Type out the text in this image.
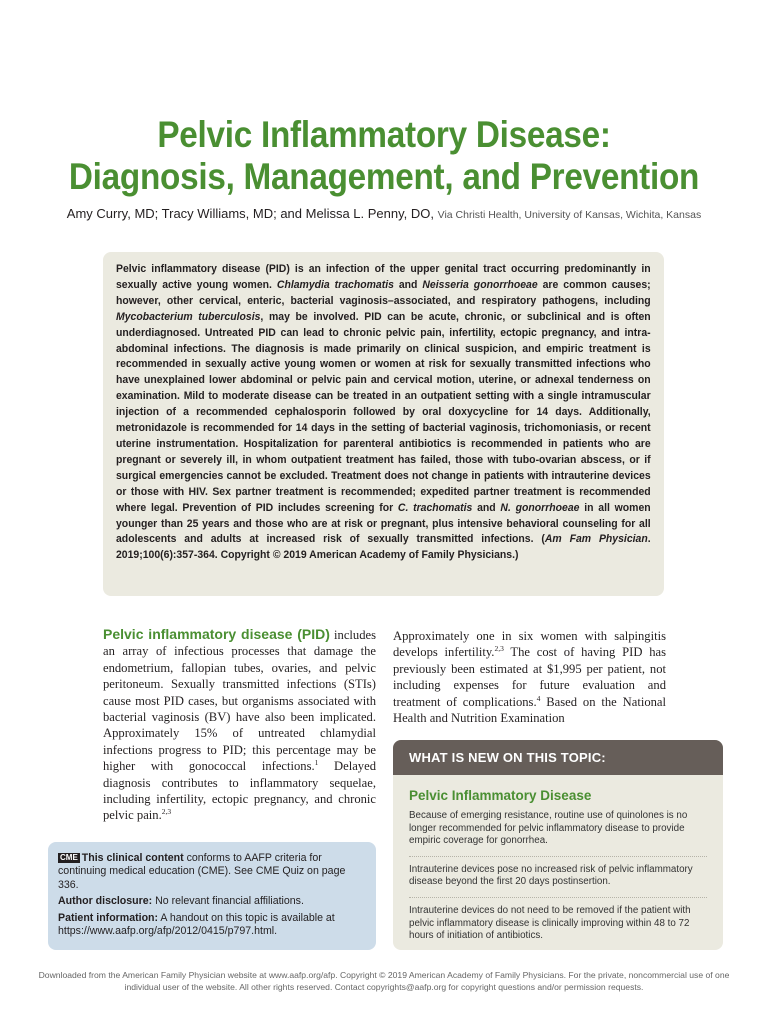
Pelvic Inflammatory Disease:
Diagnosis, Management, and Prevention
Amy Curry, MD; Tracy Williams, MD; and Melissa L. Penny, DO, Via Christi Health, University of Kansas, Wichita, Kansas

Pelvic inflammatory disease (PID) is an infection of the upper genital tract occurring predominantly in sexually active young women. Chlamydia trachomatis and Neisseria gonorrhoeae are common causes; however, other cervical, enteric, bacterial vaginosis–associated, and respiratory pathogens, including Mycobacterium tuberculosis, may be involved. PID can be acute, chronic, or subclinical and is often underdiagnosed. Untreated PID can lead to chronic pelvic pain, infertility, ectopic pregnancy, and intra-abdominal infections. The diagnosis is made primarily on clinical suspicion, and empiric treatment is recommended in sexually active young women or women at risk for sexually transmitted infections who have unexplained lower abdominal or pelvic pain and cervical motion, uterine, or adnexal tenderness on examination. Mild to moderate disease can be treated in an outpatient setting with a single intramuscular injection of a recommended cephalosporin followed by oral doxycycline for 14 days. Additionally, metronidazole is recommended for 14 days in the setting of bacterial vaginosis, trichomoniasis, or recent uterine instrumentation. Hospitalization for parenteral antibiotics is recommended in patients who are pregnant or severely ill, in whom outpatient treatment has failed, those with tubo-ovarian abscess, or if surgical emergencies cannot be excluded. Treatment does not change in patients with intrauterine devices or those with HIV. Sex partner treatment is recommended; expedited partner treatment is recommended where legal. Prevention of PID includes screening for C. trachomatis and N. gonorrhoeae in all women younger than 25 years and those who are at risk or pregnant, plus intensive behavioral counseling for all adolescents and adults at increased risk of sexually transmitted infections. (Am Fam Physician. 2019;100(6):357-364. Copyright © 2019 American Academy of Family Physicians.)

Pelvic inflammatory disease (PID) includes an array of infectious processes that damage the endometrium, fallopian tubes, ovaries, and pelvic peritoneum. Sexually transmitted infections (STIs) cause most PID cases, but organisms associated with bacterial vaginosis (BV) have also been implicated. Approximately 15% of untreated chlamydial infections progress to PID; this percentage may be higher with gonococcal infections.$^1$ Delayed diagnosis contributes to inflammatory sequelae, including infertility, ectopic pregnancy, and chronic pelvic pain.$^{2,3}$

Approximately one in six women with salpingitis develops infertility.$^{2,3}$ The cost of having PID has previously been estimated at $1,995 per patient, not including expenses for future evaluation and treatment of complications.$^4$ Based on the National Health and Nutrition Examination

CME This clinical content conforms to AAFP criteria for continuing medical education (CME). See CME Quiz on page 336.

Author disclosure: No relevant financial affiliations.

Patient information: A handout on this topic is available at https://www.aafp.org/afp/2012/0415/p797.html.

WHAT IS NEW ON THIS TOPIC:
Pelvic Inflammatory Disease
Because of emerging resistance, routine use of quinolones is no longer recommended for pelvic inflammatory disease to provide empiric coverage for gonorrhea.
Intrauterine devices pose no increased risk of pelvic inflammatory disease beyond the first 20 days postinsertion.
Intrauterine devices do not need to be removed if the patient with pelvic inflammatory disease is clinically improving within 48 to 72 hours of initiation of antibiotics.
Downloaded from the American Family Physician website at www.aafp.org/afp. Copyright © 2019 American Academy of Family Physicians. For the private, noncommercial use of one individual user of the website. All other rights reserved. Contact copyrights@aafp.org for copyright questions and/or permission requests.
